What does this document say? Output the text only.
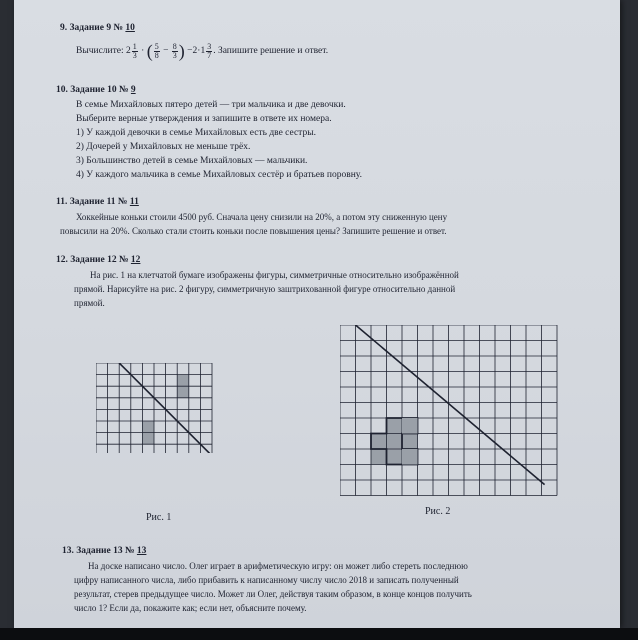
9. Задание 9 № 10
Вычислите: $2 \frac{1}{3}$ · ( $\frac{5}{8} - \frac{8}{3}$ ) $-2\cdot 1 \frac{3}{7}$ . Запишите решение и ответ.
10. Задание 10 № 9
В семье Михайловых пятеро детей — три мальчика и две девочки.
Выберите верные утверждения и запишите в ответе их номера.
1) У каждой девочки в семье Михайловых есть две сестры.
2) Дочерей у Михайловых не меньше трёх.
3) Большинство детей в семье Михайловых — мальчики.
4) У каждого мальчика в семье Михайловых сестёр и братьев поровну.
11. Задание 11 № 11
Хоккейные коньки стоили 4500 руб. Сначала цену снизили на 20%, а потом эту сниженную цену
повысили на 20%. Сколько стали стоить коньки после повышения цены? Запишите решение и ответ.
12. Задание 12 № 12
На рис. 1 на клетчатой бумаге изображены фигуры, симметричные относительно изображённой
прямой. Нарисуйте на рис. 2 фигуру, симметричную заштрихованной фигуре относительно данной
прямой.
Рис. 1
Рис. 2
13. Задание 13 № 13
На доске написано число. Олег играет в арифметическую игру: он может либо стереть последнюю
цифру написанного числа, либо прибавить к написанному числу число 2018 и записать полученный
результат, стерев предыдущее число. Может ли Олег, действуя таким образом, в конце концов получить
число 1? Если да, покажите как; если нет, объясните почему.
